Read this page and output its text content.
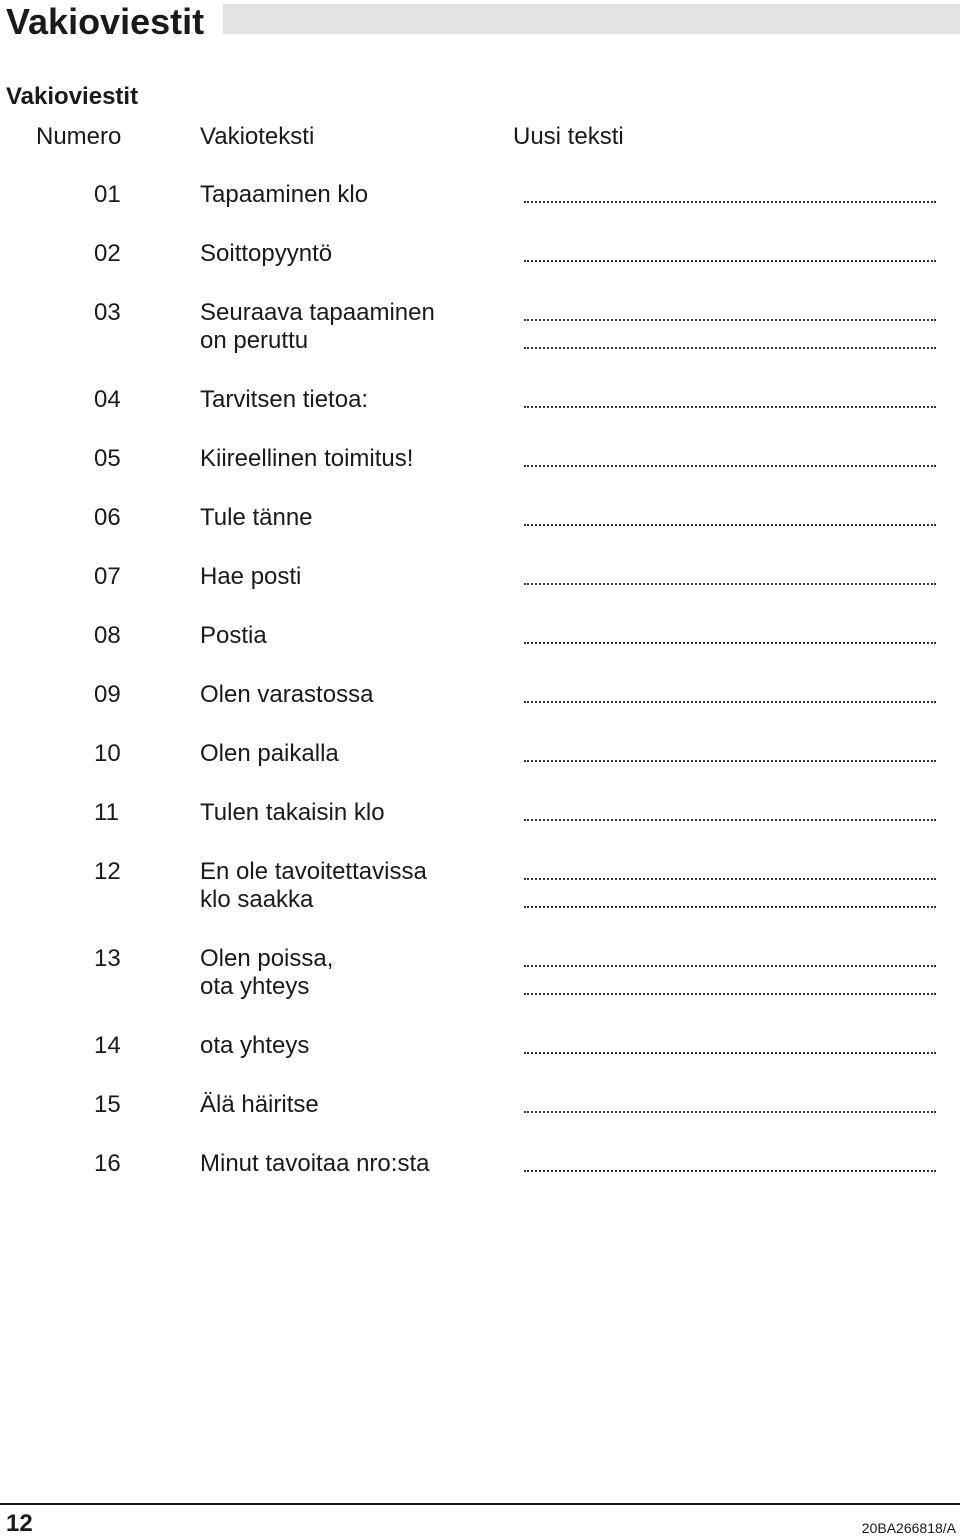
Vakioviestit
Vakioviestit
Numero	Vakioteksti	Uusi teksti
01	Tapaaminen klo
02	Soittopyyntö
03	Seuraava tapaaminen
on peruttu
04	Tarvitsen tietoa:
05	Kiireellinen toimitus!
06	Tule tänne
07	Hae posti
08	Postia
09	Olen varastossa
10	Olen paikalla
11	Tulen takaisin klo
12	En ole tavoitettavissa
klo saakka
13	Olen poissa,
ota yhteys
14	ota yhteys
15	Älä häiritse
16	Minut tavoitaa nro:sta
12	20BA266818/A
